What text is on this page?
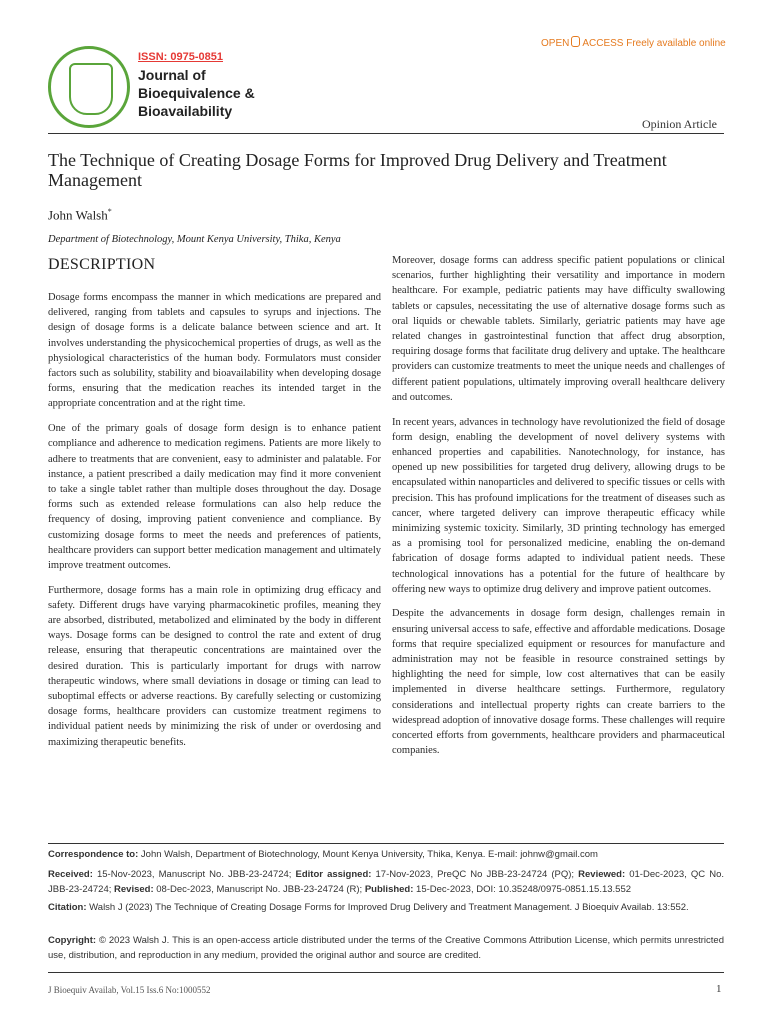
ISSN: 0975-0851
Journal of
Bioequivalence &
Bioavailability
OPEN ACCESS Freely available online
Opinion Article
The Technique of Creating Dosage Forms for Improved Drug Delivery and Treatment Management
John Walsh*
Department of Biotechnology, Mount Kenya University, Thika, Kenya
DESCRIPTION

Dosage forms encompass the manner in which medications are prepared and delivered, ranging from tablets and capsules to syrups and injections. The design of dosage forms is a delicate balance between science and art. It involves understanding the physicochemical properties of drugs, as well as the physiological characteristics of the human body. Formulators must consider factors such as solubility, stability and bioavailability when developing dosage forms, ensuring that the medication reaches its intended target in the appropriate concentration and at the right time.

One of the primary goals of dosage form design is to enhance patient compliance and adherence to medication regimens. Patients are more likely to adhere to treatments that are convenient, easy to administer and palatable. For instance, a patient prescribed a daily medication may find it more convenient to take a single tablet rather than multiple doses throughout the day. Dosage forms such as extended release formulations can also help reduce the frequency of dosing, improving patient convenience and compliance. By customizing dosage forms to meet the needs and preferences of patients, healthcare providers can support better medication management and ultimately improve treatment outcomes.

Furthermore, dosage forms has a main role in optimizing drug efficacy and safety. Different drugs have varying pharmacokinetic profiles, meaning they are absorbed, distributed, metabolized and eliminated by the body in different ways. Dosage forms can be designed to control the rate and extent of drug release, ensuring that therapeutic concentrations are maintained over the desired duration. This is particularly important for drugs with narrow therapeutic windows, where small deviations in dosage or timing can lead to suboptimal effects or adverse reactions. By carefully selecting or customizing dosage forms, healthcare providers can customize treatment regimens to individual patient needs by minimizing the risk of under or overdosing and maximizing therapeutic benefits.

Moreover, dosage forms can address specific patient populations or clinical scenarios, further highlighting their versatility and importance in modern healthcare. For example, pediatric patients may have difficulty swallowing tablets or capsules, necessitating the use of alternative dosage forms such as oral liquids or chewable tablets. Similarly, geriatric patients may have age related changes in gastrointestinal function that affect drug absorption, requiring dosage forms that facilitate drug delivery and uptake. The healthcare providers can customize treatments to meet the unique needs and challenges of different patient populations, ultimately improving overall healthcare delivery and outcomes.

In recent years, advances in technology have revolutionized the field of dosage form design, enabling the development of novel delivery systems with enhanced properties and capabilities. Nanotechnology, for instance, has opened up new possibilities for targeted drug delivery, allowing drugs to be encapsulated within nanoparticles and delivered to specific tissues or cells with precision. This has profound implications for the treatment of diseases such as cancer, where targeted delivery can improve therapeutic efficacy while minimizing systemic toxicity. Similarly, 3D printing technology has emerged as a promising tool for personalized medicine, enabling the on-demand fabrication of dosage forms adapted to individual patient needs. These technological innovations has a potential for the future of healthcare by offering new ways to optimize drug delivery and improve patient outcomes.

Despite the advancements in dosage form design, challenges remain in ensuring universal access to safe, effective and affordable medications. Dosage forms that require specialized equipment or resources for manufacture and administration may not be feasible in resource constrained settings by highlighting the need for simple, low cost alternatives that can be easily implemented in diverse healthcare settings. Furthermore, regulatory considerations and intellectual property rights can create barriers to the widespread adoption of innovative dosage forms. These challenges will require concerted efforts from governments, healthcare providers and pharmaceutical companies.

Correspondence to: John Walsh, Department of Biotechnology, Mount Kenya University, Thika, Kenya. E-mail: johnw@gmail.com
Received: 15-Nov-2023, Manuscript No. JBB-23-24724; Editor assigned: 17-Nov-2023, PreQC No JBB-23-24724 (PQ); Reviewed: 01-Dec-2023, QC No. JBB-23-24724; Revised: 08-Dec-2023, Manuscript No. JBB-23-24724 (R); Published: 15-Dec-2023, DOI: 10.35248/0975-0851.15.13.552
Citation: Walsh J (2023) The Technique of Creating Dosage Forms for Improved Drug Delivery and Treatment Management. J Bioequiv Availab. 13:552.
Copyright: © 2023 Walsh J. This is an open-access article distributed under the terms of the Creative Commons Attribution License, which permits unrestricted use, distribution, and reproduction in any medium, provided the original author and source are credited.
J Bioequiv Availab, Vol.15 Iss.6 No:1000552	1
